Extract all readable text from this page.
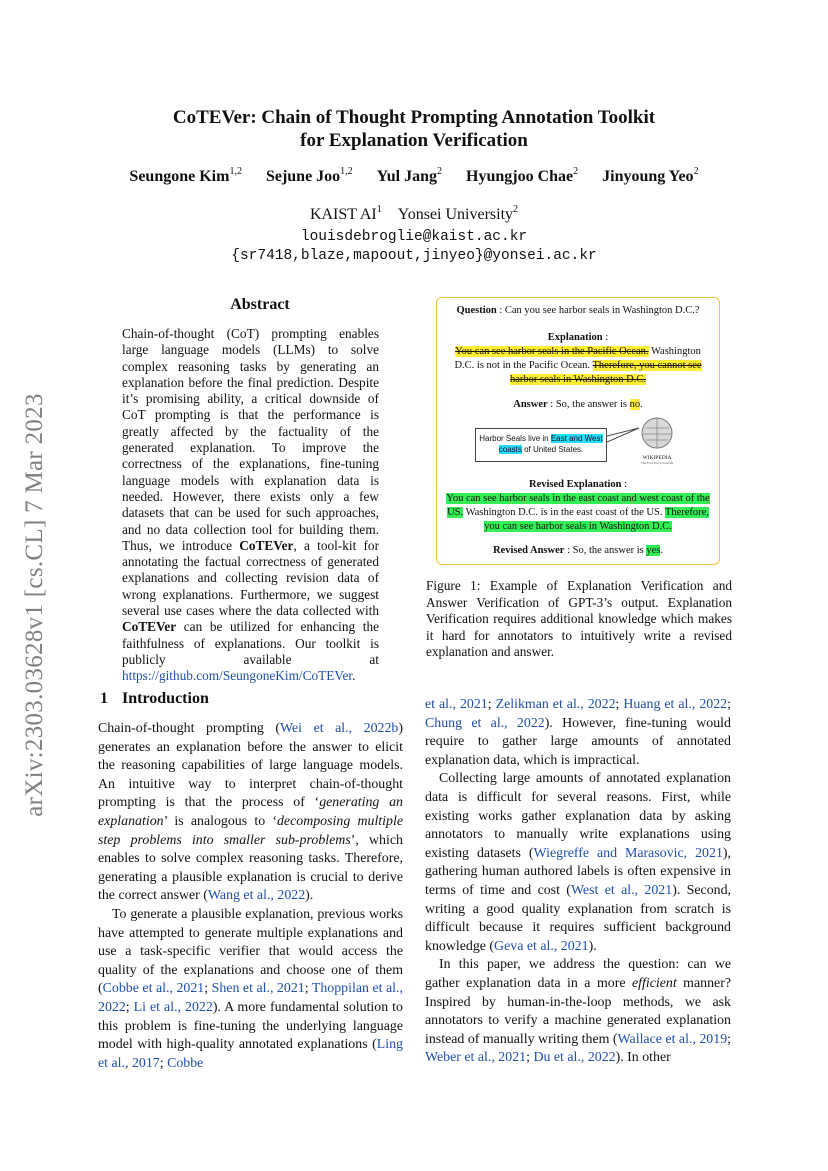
arXiv:2303.03628v1 [cs.CL] 7 Mar 2023
CoTEVer: Chain of Thought Prompting Annotation Toolkit
for Explanation Verification
Seungone Kim$^{1,2}$ Sejune Joo$^{1,2}$ Yul Jang$^2$ Hyungjoo Chae$^2$ Jinyoung Yeo$^2$
KAIST $AI^1$ Yonsei University$^2$
louisdebroglie@kaist.ac.kr
{sr7418,blaze,mapoout,jinyeo}@yonsei.ac.kr
Abstract
Chain-of-thought (CoT) prompting enables large language models (LLMs) to solve complex reasoning tasks by generating an explanation before the final prediction. Despite it’s promising ability, a critical downside of CoT prompting is that the performance is greatly affected by the factuality of the generated explanation. To improve the correctness of the explanations, fine-tuning language models with explanation data is needed. However, there exists only a few datasets that can be used for such approaches, and no data collection tool for building them. Thus, we introduce CoTEVer, a tool-kit for annotating the factual correctness of generated explanations and collecting revision data of wrong explanations. Furthermore, we suggest several use cases where the data collected with CoTEVer can be utilized for enhancing the faithfulness of explanations. Our toolkit is publicly available at https://github.com/SeungoneKim/CoTEVer.
Question : Can you see harbor seals in Washington D.C.?
Explanation :
You can see harbor seals in the Pacific Ocean. Washington D.C. is not in the Pacific Ocean. Therefore, you cannot see harbor seals in Washington D.C.
Answer : So, the answer is no.
Harbor Seals live in East and West
coasts of United States.
WIKIPEDIA
The Free Encyclopedia
Revised Explanation :
You can see harbor seals in the east coast and west coast of the US. Washington D.C. is in the east coast of the US. Therefore, you can see harbor seals in Washington D.C.
Revised Answer : So, the answer is yes.
Figure 1: Example of Explanation Verification and Answer Verification of GPT-3’s output. Explanation Verification requires additional knowledge which makes it hard for annotators to intuitively write a revised explanation and answer.
1 Introduction

Chain-of-thought prompting (Wei et al., 2022b) generates an explanation before the answer to elicit the reasoning capabilities of large language models. An intuitive way to interpret chain-of-thought prompting is that the process of ‘generating an explanation’ is analogous to ‘decomposing multiple step problems into smaller sub-problems’, which enables to solve complex reasoning tasks. Therefore, generating a plausible explanation is crucial to derive the correct answer (Wang et al., 2022).

To generate a plausible explanation, previous works have attempted to generate multiple explanations and use a task-specific verifier that would access the quality of the explanations and choose one of them (Cobbe et al., 2021; Shen et al., 2021; Thoppilan et al., 2022; Li et al., 2022). A more fundamental solution to this problem is fine-tuning the underlying language model with high-quality annotated explanations (Ling et al., 2017; Cobbe

et al., 2021; Zelikman et al., 2022; Huang et al., 2022; Chung et al., 2022). However, fine-tuning would require to gather large amounts of annotated explanation data, which is impractical.

Collecting large amounts of annotated explanation data is difficult for several reasons. First, while existing works gather explanation data by asking annotators to manually write explanations using existing datasets (Wiegreffe and Marasovic, 2021), gathering human authored labels is often expensive in terms of time and cost (West et al., 2021). Second, writing a good quality explanation from scratch is difficult because it requires sufficient background knowledge (Geva et al., 2021).

In this paper, we address the question: can we gather explanation data in a more efficient manner? Inspired by human-in-the-loop methods, we ask annotators to verify a machine generated explanation instead of manually writing them (Wallace et al., 2019; Weber et al., 2021; Du et al., 2022). In other
